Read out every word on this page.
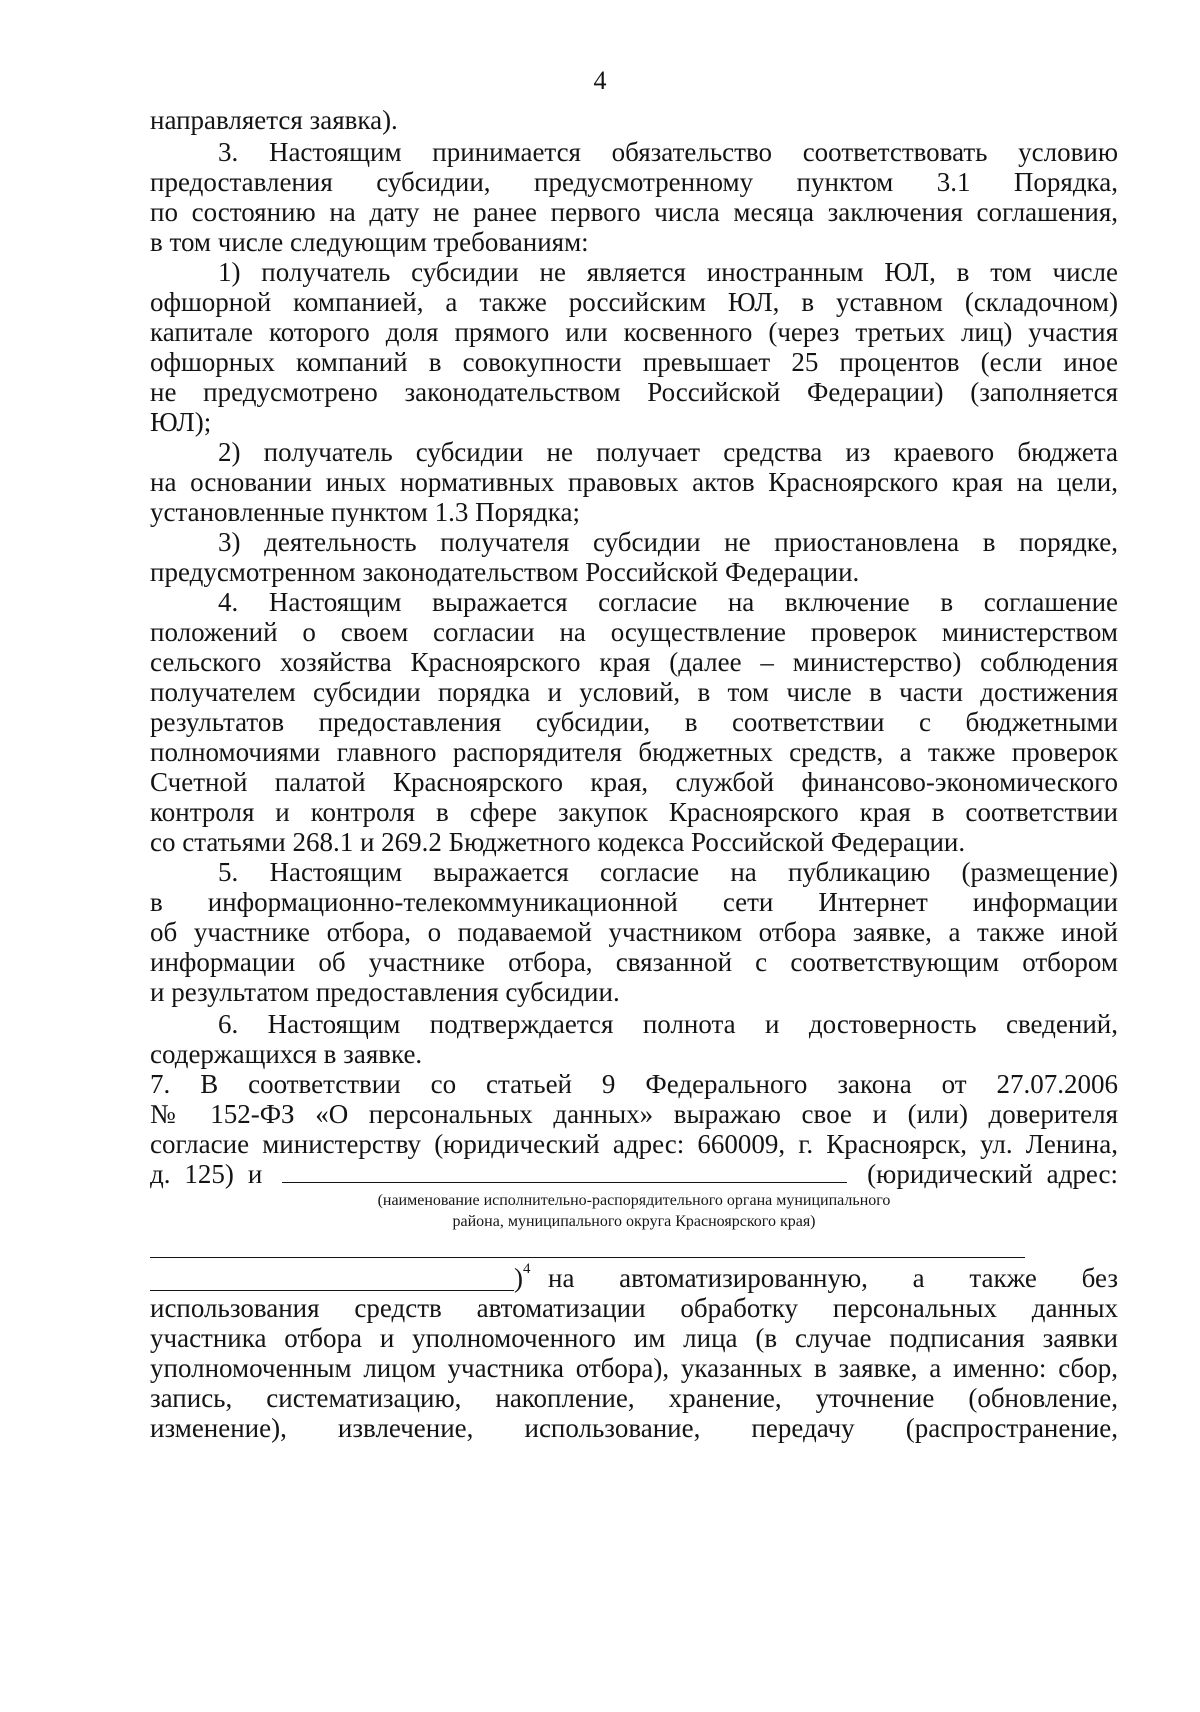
4
направляется заявка).
3. Настоящим принимается обязательство соответствовать условию
предоставления субсидии, предусмотренному пунктом 3.1 Порядка,
по состоянию на дату не ранее первого числа месяца заключения соглашения,
в том числе следующим требованиям:
1) получатель субсидии не является иностранным ЮЛ, в том числе
офшорной компанией, а также российским ЮЛ, в уставном (складочном)
капитале которого доля прямого или косвенного (через третьих лиц) участия
офшорных компаний в совокупности превышает 25 процентов (если иное
не предусмотрено законодательством Российской Федерации) (заполняется
ЮЛ);
2) получатель субсидии не получает средства из краевого бюджета
на основании иных нормативных правовых актов Красноярского края на цели,
установленные пунктом 1.3 Порядка;
3) деятельность получателя субсидии не приостановлена в порядке,
предусмотренном законодательством Российской Федерации.
4. Настоящим выражается согласие на включение в соглашение
положений о своем согласии на осуществление проверок министерством
сельского хозяйства Красноярского края (далее – министерство) соблюдения
получателем субсидии порядка и условий, в том числе в части достижения
результатов предоставления субсидии, в соответствии с бюджетными
полномочиями главного распорядителя бюджетных средств, а также проверок
Счетной палатой Красноярского края, службой финансово-экономического
контроля и контроля в сфере закупок Красноярского края в соответствии
со статьями 268.1 и 269.2 Бюджетного кодекса Российской Федерации.
5. Настоящим выражается согласие на публикацию (размещение)
в информационно-телекоммуникационной сети Интернет информации
об участнике отбора, о подаваемой участником отбора заявке, а также иной
информации об участнике отбора, связанной с соответствующим отбором
и результатом предоставления субсидии.
6. Настоящим подтверждается полнота и достоверность сведений,
содержащихся в заявке.
7. В соответствии со статьей 9 Федерального закона от 27.07.2006
№ 152-ФЗ «О персональных данных» выражаю свое и (или) доверителя
согласие министерству (юридический адрес: 660009, г. Красноярск, ул. Ленина,
д. 125) и	(юридический адрес:
(наименование исполнительно-распорядительного органа муниципального
района, муниципального округа Красноярского края)
)$^4$ на автоматизированную, а также без
использования средств автоматизации обработку персональных данных
участника отбора и уполномоченного им лица (в случае подписания заявки
уполномоченным лицом участника отбора), указанных в заявке, а именно: сбор,
запись, систематизацию, накопление, хранение, уточнение (обновление,
изменение), извлечение, использование, передачу (распространение,
